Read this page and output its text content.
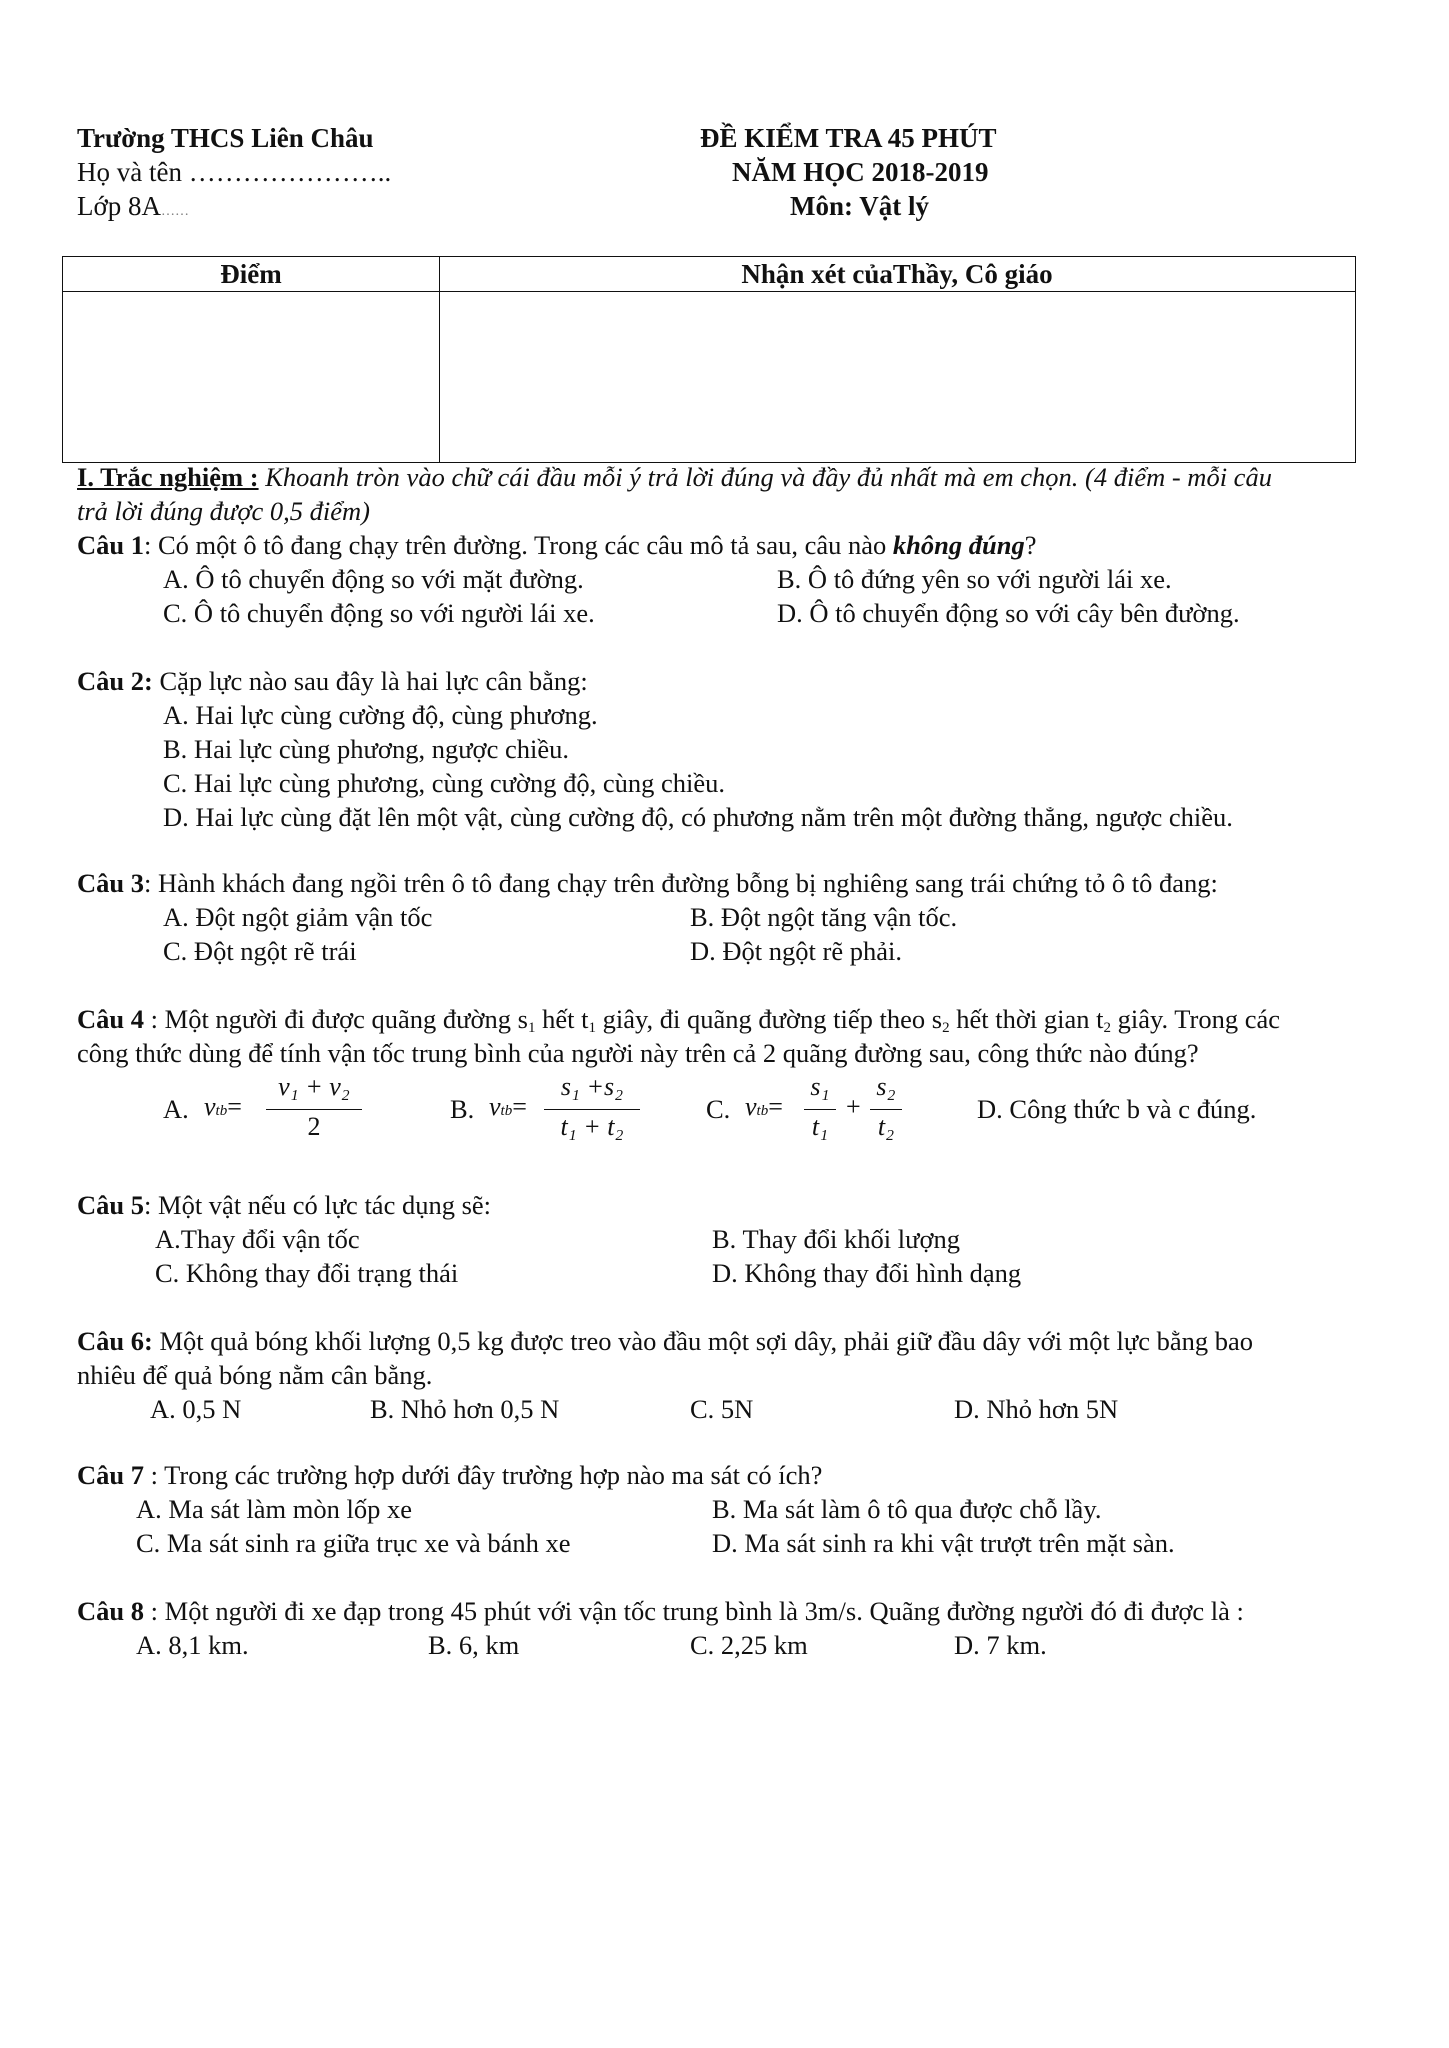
Trường THCS Liên Châu
Họ và tên …………………..
Lớp 8A……
ĐỀ KIỂM TRA 45 PHÚT
NĂM HỌC 2018-2019
Môn: Vật lý
Điểm	Nhận xét củaThầy, Cô giáo
I. Trắc nghiệm : Khoanh tròn vào chữ cái đầu mỗi ý trả lời đúng và đầy đủ nhất mà em chọn. (4 điểm - mỗi câu
trả lời đúng được 0,5 điểm)
Câu 1: Có một ô tô đang chạy trên đường. Trong các câu mô tả sau, câu nào không đúng?
A. Ô tô chuyển động so với mặt đường.	B. Ô tô đứng yên so với người lái xe.
C. Ô tô chuyển động so với người lái xe.	D. Ô tô chuyển động so với cây bên đường.
Câu 2: Cặp lực nào sau đây là hai lực cân bằng:
A. Hai lực cùng cường độ, cùng phương.
B. Hai lực cùng phương, ngược chiều.
C. Hai lực cùng phương, cùng cường độ, cùng chiều.
D. Hai lực cùng đặt lên một vật, cùng cường độ, có phương nằm trên một đường thẳng, ngược chiều.
Câu 3: Hành khách đang ngồi trên ô tô đang chạy trên đường bỗng bị nghiêng sang trái chứng tỏ ô tô đang:
A. Đột ngột giảm vận tốc	B. Đột ngột tăng vận tốc.
C. Đột ngột rẽ trái	D. Đột ngột rẽ phải.
Câu 4 : Một người đi được quãng đường $s_1$ hết $t_1$ giây, đi quãng đường tiếp theo $s_2$ hết thời gian $t_2$ giây. Trong các
công thức dùng để tính vận tốc trung bình của người này trên cả 2 quãng đường sau, công thức nào đúng?
A. vtb=
v₁ + v₂
2
B. vtb=
s₁ +s₂
t₁ + t₂
C. vtb=
s₁
t₁
+
s₂
t₂
D. Công thức b và c đúng.
Câu 5: Một vật nếu có lực tác dụng sẽ:
A.Thay đổi vận tốc	B. Thay đổi khối lượng
C. Không thay đổi trạng thái	D. Không thay đổi hình dạng
Câu 6: Một quả bóng khối lượng 0,5 kg được treo vào đầu một sợi dây, phải giữ đầu dây với một lực bằng bao
nhiêu để quả bóng nằm cân bằng.
A. 0,5 N	B. Nhỏ hơn 0,5 N	C. 5N	D. Nhỏ hơn 5N
Câu 7 : Trong các trường hợp dưới đây trường hợp nào ma sát có ích?
A. Ma sát làm mòn lốp xe	B. Ma sát làm ô tô qua được chỗ lầy.
C. Ma sát sinh ra giữa trục xe và bánh xe	D. Ma sát sinh ra khi vật trượt trên mặt sàn.
Câu 8 : Một người đi xe đạp trong 45 phút với vận tốc trung bình là 3m/s. Quãng đường người đó đi được là :
A. 8,1 km.	B. 6, km	C. 2,25 km	D. 7 km.
